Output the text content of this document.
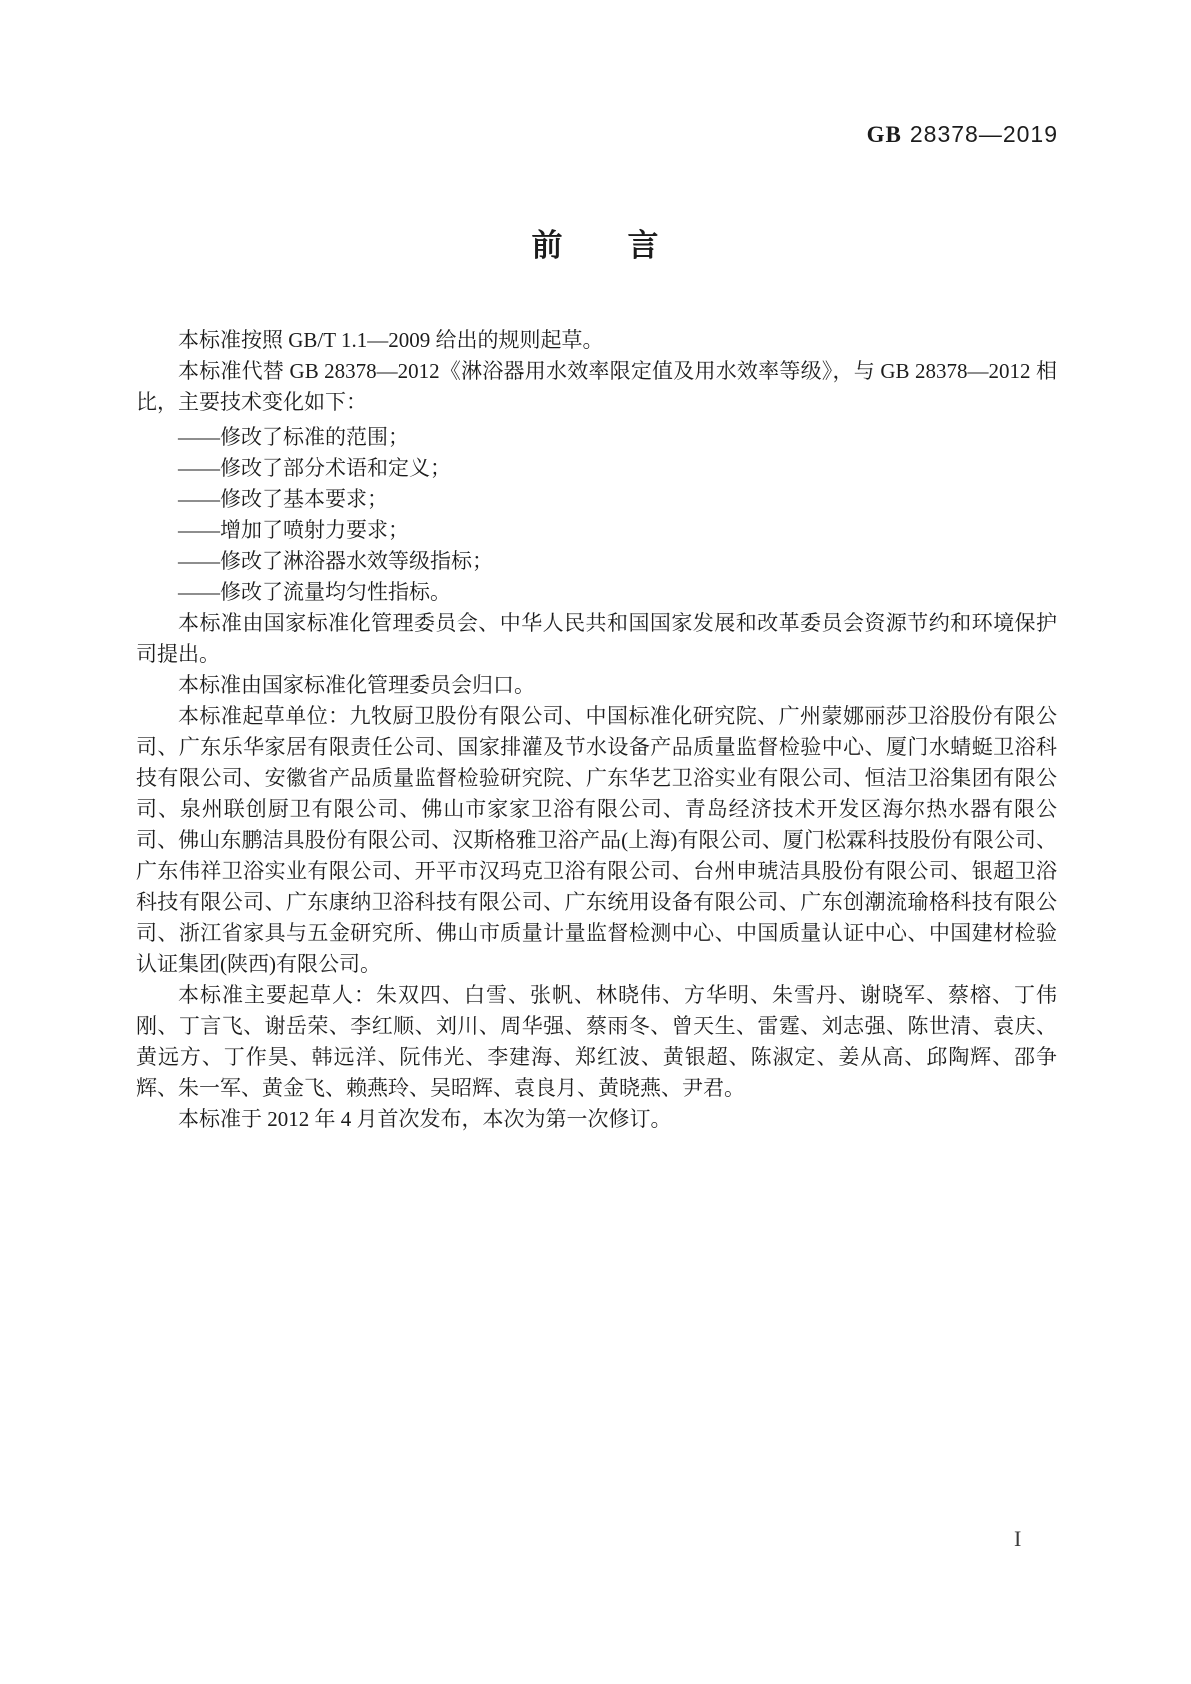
GB 28378—2019
前　　言

本标准按照 GB/T 1.1—2009 给出的规则起草。

本标准代替 GB 28378—2012《淋浴器用水效率限定值及用水效率等级》，与 GB 28378—2012 相比，主要技术变化如下：

——修改了标准的范围；
——修改了部分术语和定义；
——修改了基本要求；
——增加了喷射力要求；
——修改了淋浴器水效等级指标；
——修改了流量均匀性指标。

本标准由国家标准化管理委员会、中华人民共和国国家发展和改革委员会资源节约和环境保护司提出。

本标准由国家标准化管理委员会归口。

本标准起草单位：九牧厨卫股份有限公司、中国标准化研究院、广州蒙娜丽莎卫浴股份有限公司、广东乐华家居有限责任公司、国家排灌及节水设备产品质量监督检验中心、厦门水蜻蜓卫浴科技有限公司、安徽省产品质量监督检验研究院、广东华艺卫浴实业有限公司、恒洁卫浴集团有限公司、泉州联创厨卫有限公司、佛山市家家卫浴有限公司、青岛经济技术开发区海尔热水器有限公司、佛山东鹏洁具股份有限公司、汉斯格雅卫浴产品(上海)有限公司、厦门松霖科技股份有限公司、广东伟祥卫浴实业有限公司、开平市汉玛克卫浴有限公司、台州申琥洁具股份有限公司、银超卫浴科技有限公司、广东康纳卫浴科技有限公司、广东统用设备有限公司、广东创潮流瑜格科技有限公司、浙江省家具与五金研究所、佛山市质量计量监督检测中心、中国质量认证中心、中国建材检验认证集团(陕西)有限公司。

本标准主要起草人：朱双四、白雪、张帆、林晓伟、方华明、朱雪丹、谢晓军、蔡榕、丁伟刚、丁言飞、谢岳荣、李红顺、刘川、周华强、蔡雨冬、曾天生、雷霆、刘志强、陈世清、袁庆、黄远方、丁作昊、韩远洋、阮伟光、李建海、郑红波、黄银超、陈淑定、姜从高、邱陶辉、邵争辉、朱一军、黄金飞、赖燕玲、吴昭辉、袁良月、黄晓燕、尹君。

本标准于 2012 年 4 月首次发布，本次为第一次修订。

I
